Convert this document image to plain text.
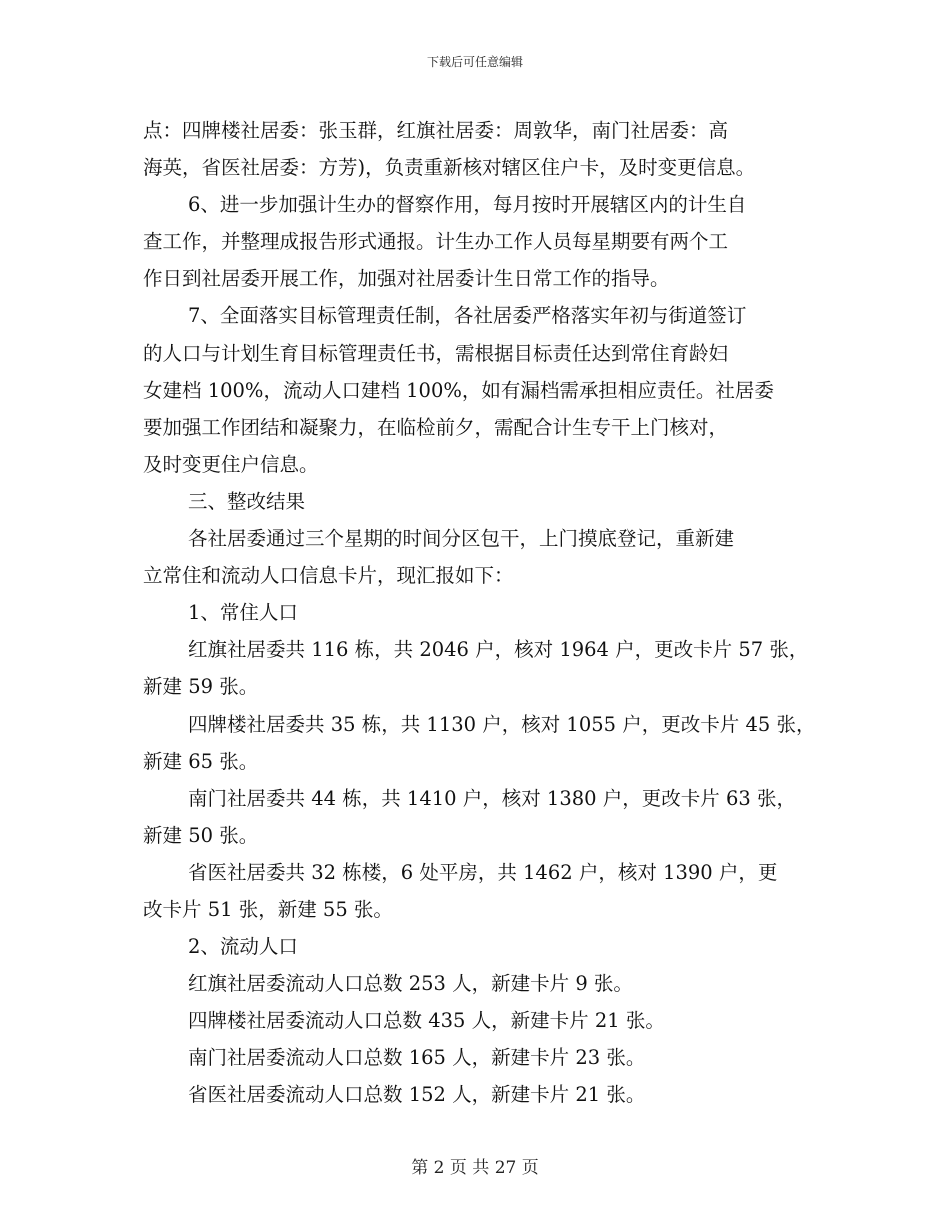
下载后可任意编辑
点：四牌楼社居委：张玉群，红旗社居委：周敦华，南门社居委：高
海英，省医社居委：方芳)，负责重新核对辖区住户卡，及时变更信息。
6、进一步加强计生办的督察作用，每月按时开展辖区内的计生自
查工作，并整理成报告形式通报。计生办工作人员每星期要有两个工
作日到社居委开展工作，加强对社居委计生日常工作的指导。
7、全面落实目标管理责任制，各社居委严格落实年初与街道签订
的人口与计划生育目标管理责任书，需根据目标责任达到常住育龄妇
女建档 100%，流动人口建档 100%，如有漏档需承担相应责任。社居委
要加强工作团结和凝聚力，在临检前夕，需配合计生专干上门核对，
及时变更住户信息。
三、整改结果
各社居委通过三个星期的时间分区包干，上门摸底登记，重新建
立常住和流动人口信息卡片，现汇报如下：
1、常住人口
红旗社居委共 116 栋，共 2046 户，核对 1964 户，更改卡片 57 张，
新建 59 张。
四牌楼社居委共 35 栋，共 1130 户，核对 1055 户，更改卡片 45 张，
新建 65 张。
南门社居委共 44 栋，共 1410 户，核对 1380 户，更改卡片 63 张，
新建 50 张。
省医社居委共 32 栋楼，6 处平房，共 1462 户，核对 1390 户，更
改卡片 51 张，新建 55 张。
2、流动人口
红旗社居委流动人口总数 253 人，新建卡片 9 张。
四牌楼社居委流动人口总数 435 人，新建卡片 21 张。
南门社居委流动人口总数 165 人，新建卡片 23 张。
省医社居委流动人口总数 152 人，新建卡片 21 张。
第 2 页 共 27 页
